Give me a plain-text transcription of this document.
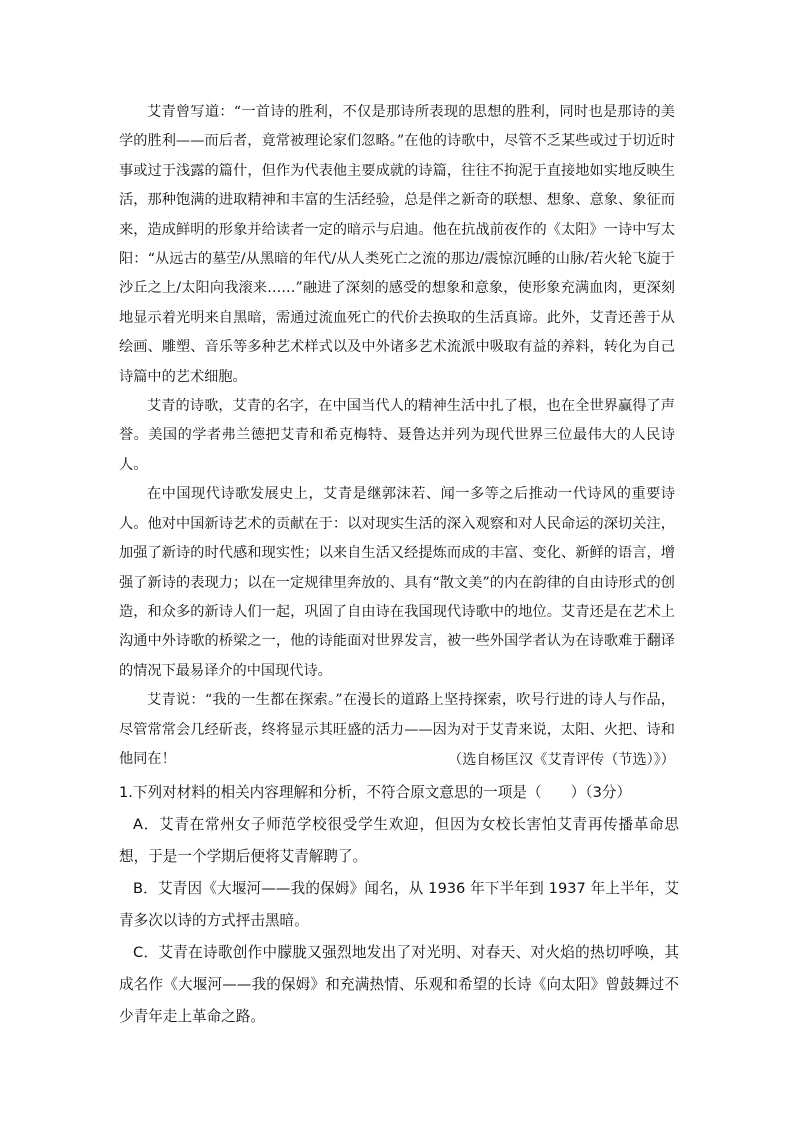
艾青曾写道：“一首诗的胜利，不仅是那诗所表现的思想的胜利，同时也是那诗的美学的胜利——而后者，竟常被理论家们忽略。”在他的诗歌中，尽管不乏某些或过于切近时事或过于浅露的篇什，但作为代表他主要成就的诗篇，往往不拘泥于直接地如实地反映生活，那种饱满的进取精神和丰富的生活经验，总是伴之新奇的联想、想象、意象、象征而来，造成鲜明的形象并给读者一定的暗示与启迪。他在抗战前夜作的《太阳》一诗中写太阳：“从远古的墓茔/从黑暗的年代/从人类死亡之流的那边/震惊沉睡的山脉/若火轮飞旋于沙丘之上/太阳向我滚来……”融进了深刻的感受的想象和意象，使形象充满血肉，更深刻地显示着光明来自黑暗，需通过流血死亡的代价去换取的生活真谛。此外，艾青还善于从绘画、雕塑、音乐等多种艺术样式以及中外诸多艺术流派中吸取有益的养料，转化为自己诗篇中的艺术细胞。

艾青的诗歌，艾青的名字，在中国当代人的精神生活中扎了根，也在全世界赢得了声誉。美国的学者弗兰德把艾青和希克梅特、聂鲁达并列为现代世界三位最伟大的人民诗人。

在中国现代诗歌发展史上，艾青是继郭沫若、闻一多等之后推动一代诗风的重要诗人。他对中国新诗艺术的贡献在于：以对现实生活的深入观察和对人民命运的深切关注，加强了新诗的时代感和现实性；以来自生活又经提炼而成的丰富、变化、新鲜的语言，增强了新诗的表现力；以在一定规律里奔放的、具有“散文美”的内在韵律的自由诗形式的创造，和众多的新诗人们一起，巩固了自由诗在我国现代诗歌中的地位。艾青还是在艺术上沟通中外诗歌的桥梁之一，他的诗能面对世界发言，被一些外国学者认为在诗歌难于翻译的情况下最易译介的中国现代诗。

艾青说：“我的一生都在探索。”在漫长的道路上坚持探索，吹号行进的诗人与作品，尽管常常会几经斫丧，终将显示其旺盛的活力——因为对于艾青来说，太阳、火把、诗和他同在！	（选自杨匡汉《艾青评传（节选）》）

1.下列对材料的相关内容理解和分析，不符合原文意思的一项是（　　）（3分）

A．艾青在常州女子师范学校很受学生欢迎，但因为女校长害怕艾青再传播革命思想，于是一个学期后便将艾青解聘了。

B．艾青因《大堰河——我的保姆》闻名，从 1936 年下半年到 1937 年上半年，艾青多次以诗的方式抨击黑暗。

C．艾青在诗歌创作中朦胧又强烈地发出了对光明、对春天、对火焰的热切呼唤，其成名作《大堰河——我的保姆》和充满热情、乐观和希望的长诗《向太阳》曾鼓舞过不少青年走上革命之路。
